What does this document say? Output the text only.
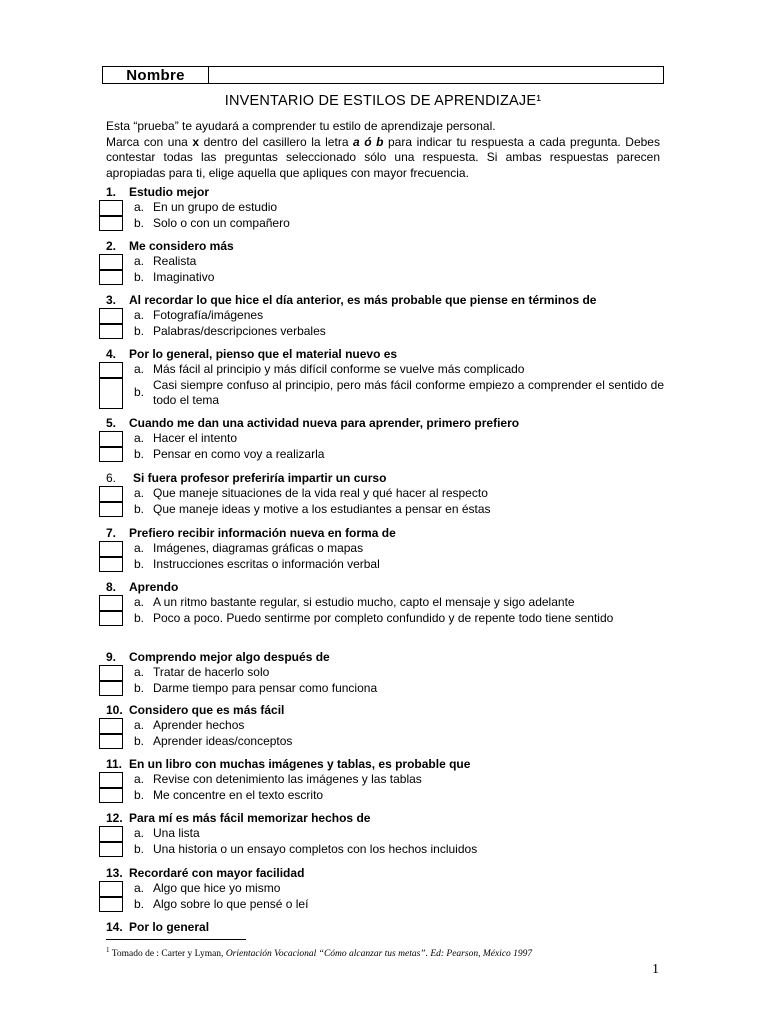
Nombre
INVENTARIO DE ESTILOS DE APRENDIZAJE¹

Esta “prueba” te ayudará a comprender tu estilo de aprendizaje personal.

Marca con una x dentro del casillero la letra a ó b para indicar tu respuesta a cada pregunta. Debes contestar todas las preguntas seleccionado sólo una respuesta. Si ambas respuestas parecen apropiadas para ti, elige aquella que apliques con mayor frecuencia.

1. Estudio mejor
a. En un grupo de estudio
b. Solo o con un compañero
2. Me considero más
a. Realista
b. Imaginativo
3. Al recordar lo que hice el día anterior, es más probable que piense en términos de
a. Fotografía/imágenes
b. Palabras/descripciones verbales
4. Por lo general, pienso que el material nuevo es
a. Más fácil al principio y más difícil conforme se vuelve más complicado
b.
Casi siempre confuso al principio, pero más fácil conforme empiezo a comprender el sentido de todo el tema
5. Cuando me dan una actividad nueva para aprender, primero prefiero
a. Hacer el intento
b. Pensar en como voy a realizarla
6. Si fuera profesor preferiría impartir un curso
a. Que maneje situaciones de la vida real y qué hacer al respecto
b. Que maneje ideas y motive a los estudiantes a pensar en éstas
7. Prefiero recibir información nueva en forma de
a. Imágenes, diagramas gráficas o mapas
b. Instrucciones escritas o información verbal
8. Aprendo
a. A un ritmo bastante regular, si estudio mucho, capto el mensaje y sigo adelante
b. Poco a poco. Puedo sentirme por completo confundido y de repente todo tiene sentido
9. Comprendo mejor algo después de
a. Tratar de hacerlo solo
b. Darme tiempo para pensar como funciona
10. Considero que es más fácil
a. Aprender hechos
b. Aprender ideas/conceptos
11. En un libro con muchas imágenes y tablas, es probable que
a. Revise con detenimiento las imágenes y las tablas
b. Me concentre en el texto escrito
12. Para mí es más fácil memorizar hechos de
a. Una lista
b. Una historia o un ensayo completos con los hechos incluidos
13. Recordaré con mayor facilidad
a. Algo que hice yo mismo
b. Algo sobre lo que pensé o leí
14. Por lo general
$^1$ Tomado de : Carter y Lyman, Orientación Vocacional “Cómo alcanzar tus metas”. Ed: Pearson, México 1997
1
